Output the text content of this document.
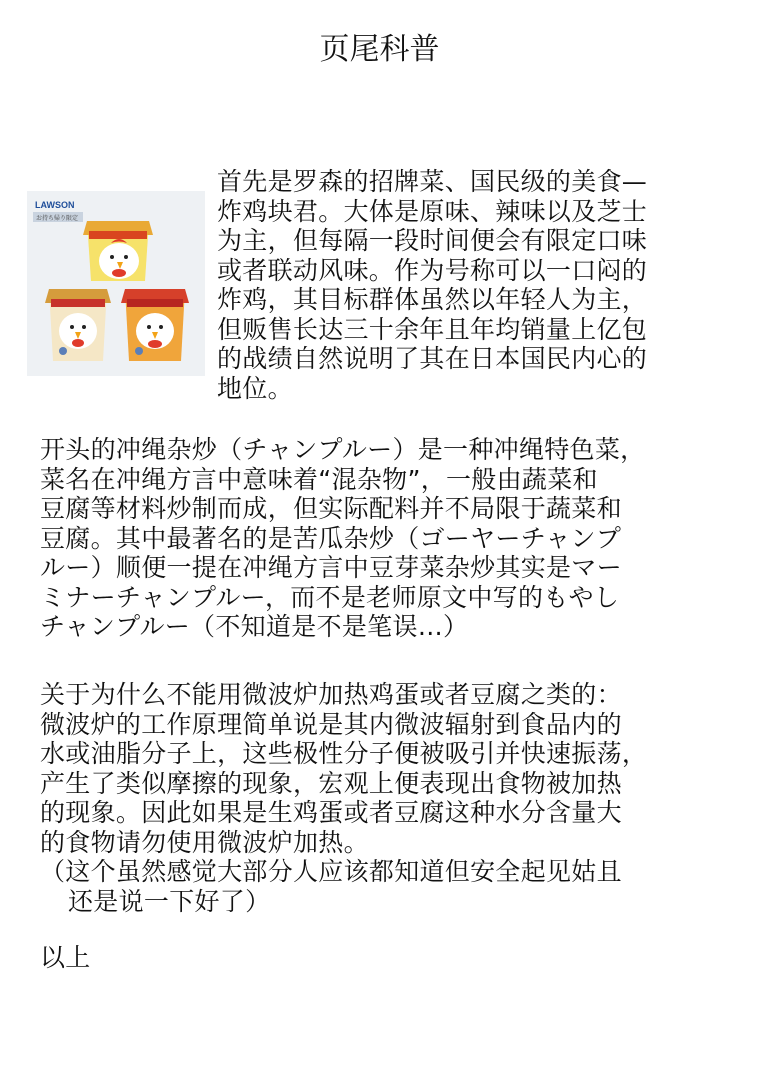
页尾科普
LAWSON
お持ち帰り限定
首先是罗森的招牌菜、国民级的美食—
炸鸡块君。大体是原味、辣味以及芝士
为主，但每隔一段时间便会有限定口味
或者联动风味。作为号称可以一口闷的
炸鸡，其目标群体虽然以年轻人为主，
但贩售长达三十余年且年均销量上亿包
的战绩自然说明了其在日本国民内心的
地位。
开头的冲绳杂炒（チャンプルー）是一种冲绳特色菜，
菜名在冲绳方言中意味着“混杂物”，一般由蔬菜和
豆腐等材料炒制而成，但实际配料并不局限于蔬菜和
豆腐。其中最著名的是苦瓜杂炒（ゴーヤーチャンプ
ルー）顺便一提在冲绳方言中豆芽菜杂炒其实是マー
ミナーチャンプルー，而不是老师原文中写的もやし
チャンプルー（不知道是不是笔误…）
关于为什么不能用微波炉加热鸡蛋或者豆腐之类的：
微波炉的工作原理简单说是其内微波辐射到食品内的
水或油脂分子上，这些极性分子便被吸引并快速振荡，
产生了类似摩擦的现象，宏观上便表现出食物被加热
的现象。因此如果是生鸡蛋或者豆腐这种水分含量大
的食物请勿使用微波炉加热。
（这个虽然感觉大部分人应该都知道但安全起见姑且
还是说一下好了）
以上
